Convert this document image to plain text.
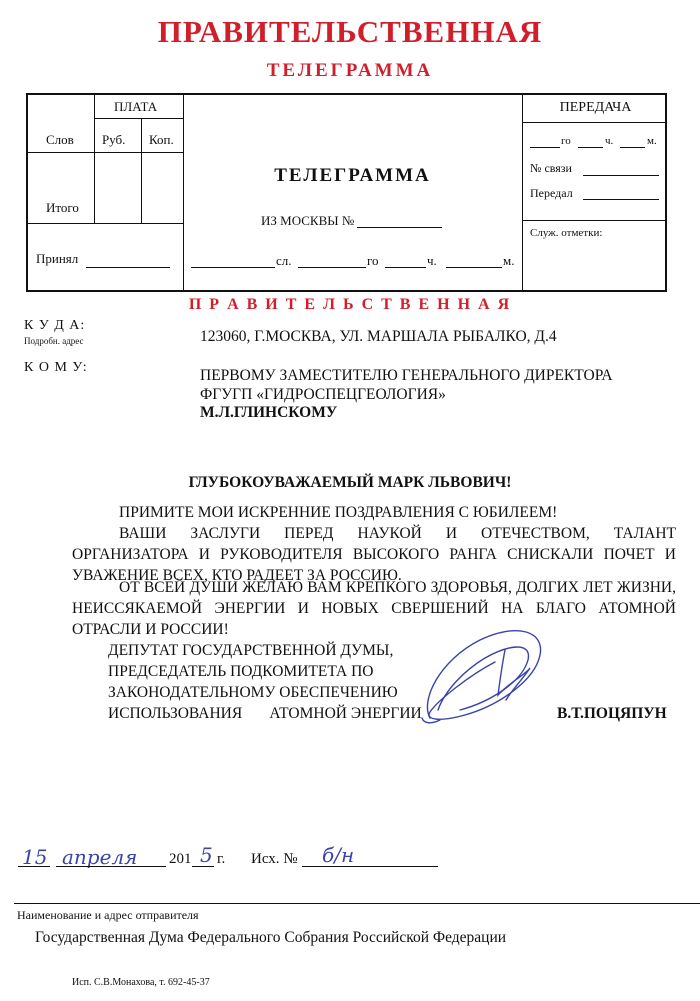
ПРАВИТЕЛЬСТВЕННАЯ
ТЕЛЕГРАММА
ПЛАТА
Слов Руб. Коп.
Итого
Принял
ТЕЛЕГРАММА
ИЗ МОСКВЫ №
сл.	го	ч.	м.
ПЕРЕДАЧА
го	ч.	м.
№ связи
Передал
Служ. отметки:
П Р А В И Т Е Л Ь С Т В Е Н Н А Я
К У Д А:
Подробн. адрес	123060, Г.МОСКВА, УЛ. МАРШАЛА РЫБАЛКО, Д.4
К О М У:	ПЕРВОМУ ЗАМЕСТИТЕЛЮ ГЕНЕРАЛЬНОГО ДИРЕКТОРА
ФГУГП «ГИДРОСПЕЦГЕОЛОГИЯ»
М.Л.ГЛИНСКОМУ
ГЛУБОКОУВАЖАЕМЫЙ МАРК ЛЬВОВИЧ!
ПРИМИТЕ МОИ ИСКРЕННИЕ ПОЗДРАВЛЕНИЯ С ЮБИЛЕЕМ!
ВАШИ ЗАСЛУГИ ПЕРЕД НАУКОЙ И ОТЕЧЕСТВОМ, ТАЛАНТ
ОРГАНИЗАТОРА И РУКОВОДИТЕЛЯ ВЫСОКОГО РАНГА СНИСКАЛИ ПОЧЕТ И
УВАЖЕНИЕ ВСЕХ, КТО РАДЕЕТ ЗА РОССИЮ.
ОТ ВСЕЙ ДУШИ ЖЕЛАЮ ВАМ КРЕПКОГО ЗДОРОВЬЯ, ДОЛГИХ ЛЕТ ЖИЗНИ,
НЕИССЯКАЕМОЙ ЭНЕРГИИ И НОВЫХ СВЕРШЕНИЙ НА БЛАГО АТОМНОЙ
ОТРАСЛИ И РОССИИ!
ДЕПУТАТ ГОСУДАРСТВЕННОЙ ДУМЫ,
ПРЕДСЕДАТЕЛЬ ПОДКОМИТЕТА ПО
ЗАКОНОДАТЕЛЬНОМУ ОБЕСПЕЧЕНИЮ
ИСПОЛЬЗОВАНИЯ       АТОМНОЙ ЭНЕРГИИ	В.Т.ПОЦЯПУН
15 апреля 201 5 г. Исх. № б/н
Наименование и адрес отправителя
Государственная Дума Федерального Собрания Российской Федерации
Исп. С.В.Монахова, т. 692-45-37
